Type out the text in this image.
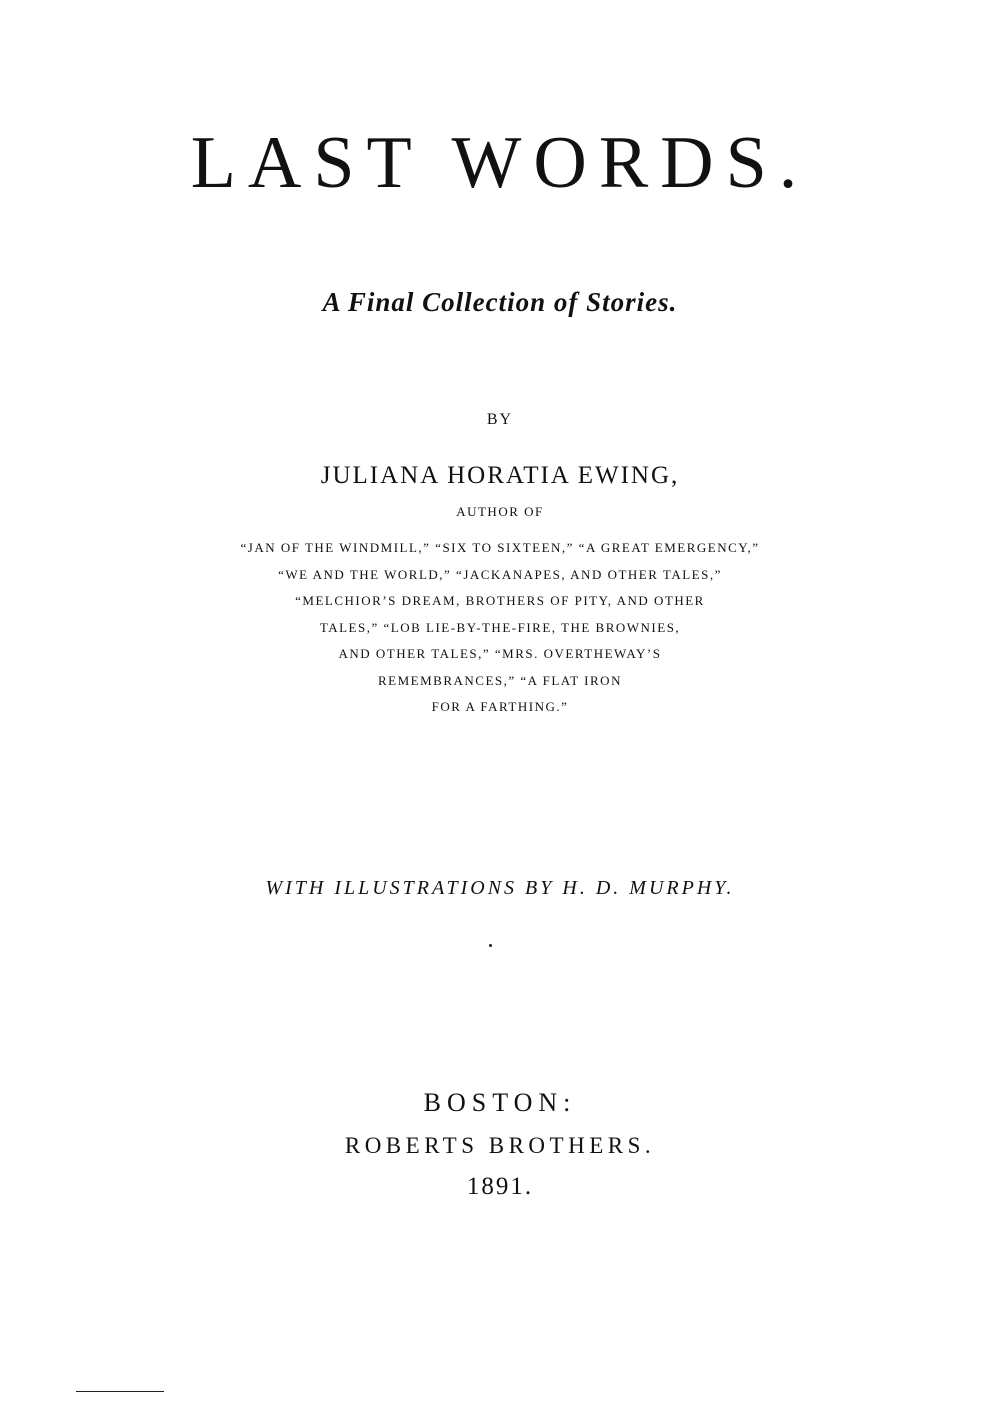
LAST WORDS.
A Final Collection of Stories.
BY
JULIANA HORATIA EWING,
AUTHOR OF
“JAN OF THE WINDMILL,” “SIX TO SIXTEEN,” “A GREAT EMERGENCY,”
“WE AND THE WORLD,” “JACKANAPES, AND OTHER TALES,”
“MELCHIOR’S DREAM, BROTHERS OF PITY, AND OTHER
TALES,” “LOB LIE-BY-THE-FIRE, THE BROWNIES,
AND OTHER TALES,” “MRS. OVERTHEWAY’S
REMEMBRANCES,” “A FLAT IRON
FOR A FARTHING.”
WITH ILLUSTRATIONS BY H. D. MURPHY.
BOSTON:
ROBERTS BROTHERS.
1891.
